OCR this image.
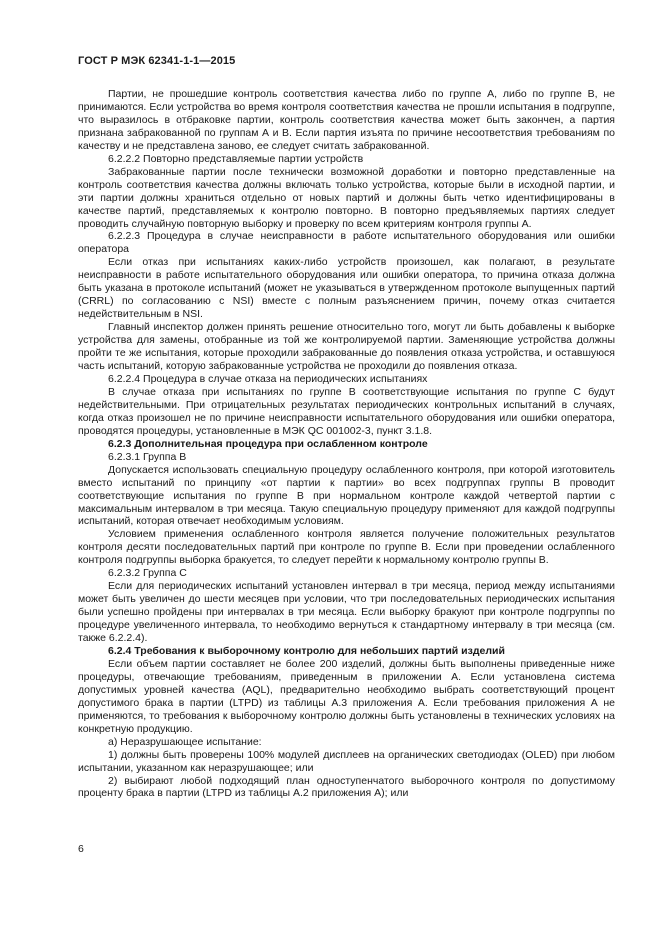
ГОСТ Р МЭК 62341-1-1—2015

Партии, не прошедшие контроль соответствия качества либо по группе А, либо по группе В, не принимаются. Если устройства во время контроля соответствия качества не прошли испытания в подгруппе, что выразилось в отбраковке партии, контроль соответствия качества может быть закончен, а партия признана забракованной по группам А и В. Если партия изъята по причине несоответствия требованиям по качеству и не представлена заново, ее следует считать забракованной.

6.2.2.2 Повторно представляемые партии устройств

Забракованные партии после технически возможной доработки и повторно представленные на контроль соответствия качества должны включать только устройства, которые были в исходной партии, и эти партии должны храниться отдельно от новых партий и должны быть четко идентифицированы в качестве партий, представляемых к контролю повторно. В повторно предъявляемых партиях следует проводить случайную повторную выборку и проверку по всем критериям контроля группы А.

6.2.2.3 Процедура в случае неисправности в работе испытательного оборудования или ошибки оператора

Если отказ при испытаниях каких-либо устройств произошел, как полагают, в результате неисправности в работе испытательного оборудования или ошибки оператора, то причина отказа должна быть указана в протоколе испытаний (может не указываться в утвержденном протоколе выпущенных партий (CRRL) по согласованию с NSI) вместе с полным разъяснением причин, почему отказ считается недействительным в NSI.

Главный инспектор должен принять решение относительно того, могут ли быть добавлены к выборке устройства для замены, отобранные из той же контролируемой партии. Заменяющие устройства должны пройти те же испытания, которые проходили забракованные до появления отказа устройства, и оставшуюся часть испытаний, которую забракованные устройства не проходили до появления отказа.

6.2.2.4 Процедура в случае отказа на периодических испытаниях

В случае отказа при испытаниях по группе В соответствующие испытания по группе С будут недействительными. При отрицательных результатах периодических контрольных испытаний в случаях, когда отказ произошел не по причине неисправности испытательного оборудования или ошибки оператора, проводятся процедуры, установленные в МЭК QC 001002-3, пункт 3.1.8.

6.2.3 Дополнительная процедура при ослабленном контроле

6.2.3.1 Группа В

Допускается использовать специальную процедуру ослабленного контроля, при которой изготовитель вместо испытаний по принципу «от партии к партии» во всех подгруппах группы В проводит соответствующие испытания по группе В при нормальном контроле каждой четвертой партии с максимальным интервалом в три месяца. Такую специальную процедуру применяют для каждой подгруппы испытаний, которая отвечает необходимым условиям.

Условием применения ослабленного контроля является получение положительных результатов контроля десяти последовательных партий при контроле по группе В. Если при проведении ослабленного контроля подгруппы выборка бракуется, то следует перейти к нормальному контролю группы В.

6.2.3.2 Группа С

Если для периодических испытаний установлен интервал в три месяца, период между испытаниями может быть увеличен до шести месяцев при условии, что три последовательных периодических испытания были успешно пройдены при интервалах в три месяца. Если выборку бракуют при контроле подгруппы по процедуре увеличенного интервала, то необходимо вернуться к стандартному интервалу в три месяца (см. также 6.2.2.4).

6.2.4 Требования к выборочному контролю для небольших партий изделий

Если объем партии составляет не более 200 изделий, должны быть выполнены приведенные ниже процедуры, отвечающие требованиям, приведенным в приложении А. Если установлена система допустимых уровней качества (AQL), предварительно необходимо выбрать соответствующий процент допустимого брака в партии (LTPD) из таблицы А.3 приложения А. Если требования приложения А не применяются, то требования к выборочному контролю должны быть установлены в технических условиях на конкретную продукцию.

а) Неразрушающее испытание:

1) должны быть проверены 100% модулей дисплеев на органических светодиодах (OLED) при любом испытании, указанном как неразрушающее; или

2) выбирают любой подходящий план одноступенчатого выборочного контроля по допустимому проценту брака в партии (LTPD из таблицы А.2 приложения А); или

6
